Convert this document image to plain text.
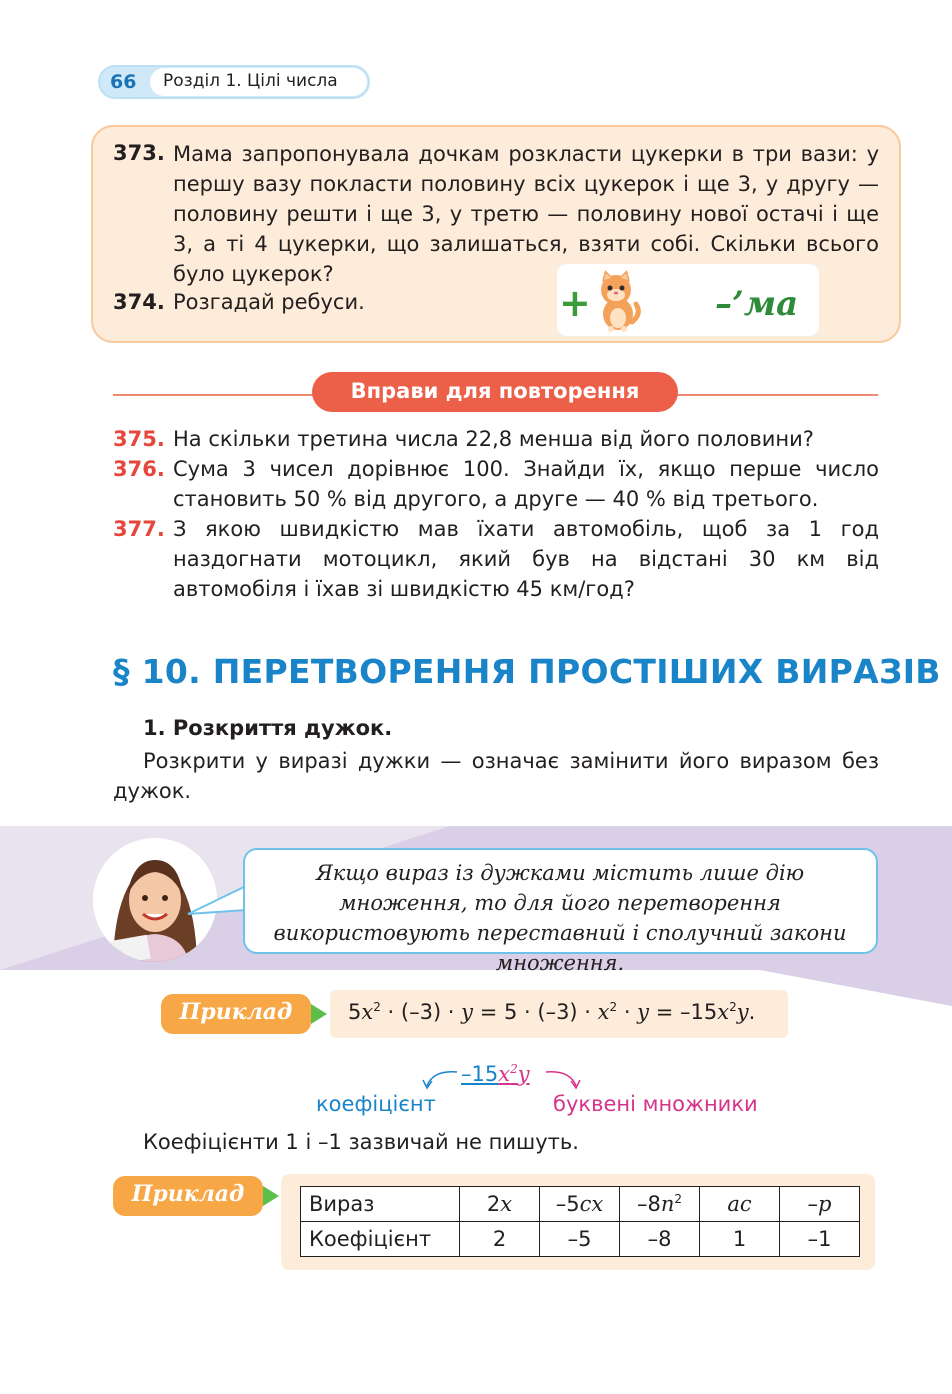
66 Розділ 1. Цілі числа
373. Мама запропонувала дочкам розкласти цукерки в три вази: у першу вазу покласти половину всіх цукерок і ще 3, у другу — половину решти і ще 3, у третю — половину нової остачі і ще 3, а ті 4 цукерки, що залишаться, взяти собі. Скільки всього було цукерок?
374. Розгадай ребуси.	+	–’ма
Вправи для повторення
375. На скільки третина числа 22,8 менша від його половини?
376. Сума 3 чисел дорівнює 100. Знайди їх, якщо перше число становить 50 % від другого, а друге — 40 % від третього.
377. З якою швидкістю мав їхати автомобіль, щоб за 1 год наздогнати мотоцикл, який був на відстані 30 км від автомобіля і їхав зі швидкістю 45 км/год?
§ 10. ПЕРЕТВОРЕННЯ ПРОСТІШИХ ВИРАЗІВ
1. Розкриття дужок.
Розкрити у виразі дужки — означає замінити його виразом без дужок.
Якщо вираз із дужками містить лише дію множення, то для його перетворення використовують переставний і сполучний закони множення.
Приклад	$5x^2 \cdot (-3) \cdot y = 5 \cdot (-3) \cdot x^2 \cdot y = -15x^2y$.
$-15x^2y$
коефіцієнт	буквені множники
Коефіцієнти 1 і –1 зазвичай не пишуть.
Приклад	Вираз	2x	–5cx	$-8n^2$	ac	–p
Коефіцієнт	2	–5	–8	1	–1
